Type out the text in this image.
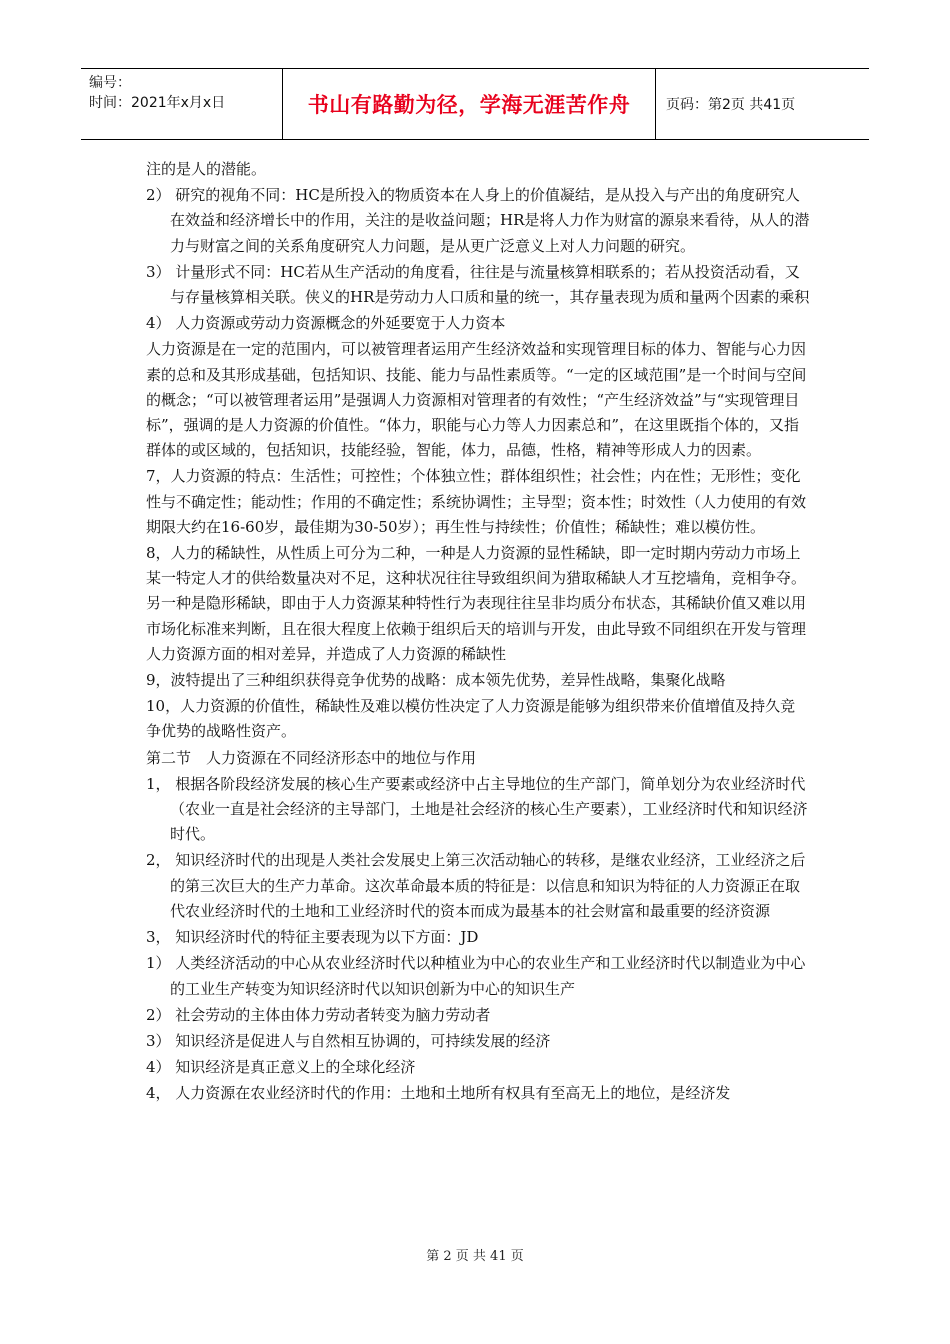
编号：
时间：2021年x月x日	书山有路勤为径，学海无涯苦作舟	页码：第2页 共41页

注的是人的潜能。

2） 研究的视角不同：HC是所投入的物质资本在人身上的价值凝结，是从投入与产出的角度研究人在效益和经济增长中的作用，关注的是收益问题；HR是将人力作为财富的源泉来看待，从人的潜力与财富之间的关系角度研究人力问题，是从更广泛意义上对人力问题的研究。

3） 计量形式不同：HC若从生产活动的角度看，往往是与流量核算相联系的；若从投资活动看，又与存量核算相关联。侠义的HR是劳动力人口质和量的统一，其存量表现为质和量两个因素的乘积

4） 人力资源或劳动力资源概念的外延要宽于人力资本

人力资源是在一定的范围内，可以被管理者运用产生经济效益和实现管理目标的体力、智能与心力因素的总和及其形成基础，包括知识、技能、能力与品性素质等。“一定的区域范围”是一个时间与空间的概念；“可以被管理者运用”是强调人力资源相对管理者的有效性；“产生经济效益”与“实现管理目标”，强调的是人力资源的价值性。“体力，职能与心力等人力因素总和”，在这里既指个体的，又指群体的或区域的，包括知识，技能经验，智能，体力，品德，性格，精神等形成人力的因素。

7，人力资源的特点：生活性；可控性；个体独立性；群体组织性；社会性；内在性；无形性；变化性与不确定性；能动性；作用的不确定性；系统协调性；主导型；资本性；时效性（人力使用的有效期限大约在16-60岁，最佳期为30-50岁）；再生性与持续性；价值性；稀缺性；难以模仿性。

8，人力的稀缺性，从性质上可分为二种，一种是人力资源的显性稀缺，即一定时期内劳动力市场上某一特定人才的供给数量决对不足，这种状况往往导致组织间为猎取稀缺人才互挖墙角，竞相争夺。另一种是隐形稀缺，即由于人力资源某种特性行为表现往往呈非均质分布状态，其稀缺价值又难以用市场化标准来判断，且在很大程度上依赖于组织后天的培训与开发，由此导致不同组织在开发与管理人力资源方面的相对差异，并造成了人力资源的稀缺性

9，波特提出了三种组织获得竞争优势的战略：成本领先优势，差异性战略，集聚化战略

10，人力资源的价值性，稀缺性及难以模仿性决定了人力资源是能够为组织带来价值增值及持久竞争优势的战略性资产。

第二节　人力资源在不同经济形态中的地位与作用

1， 根据各阶段经济发展的核心生产要素或经济中占主导地位的生产部门，简单划分为农业经济时代（农业一直是社会经济的主导部门，土地是社会经济的核心生产要素），工业经济时代和知识经济时代。

2， 知识经济时代的出现是人类社会发展史上第三次活动轴心的转移，是继农业经济，工业经济之后的第三次巨大的生产力革命。这次革命最本质的特征是：以信息和知识为特征的人力资源正在取代农业经济时代的土地和工业经济时代的资本而成为最基本的社会财富和最重要的经济资源

3， 知识经济时代的特征主要表现为以下方面：JD

1） 人类经济活动的中心从农业经济时代以种植业为中心的农业生产和工业经济时代以制造业为中心的工业生产转变为知识经济时代以知识创新为中心的知识生产

2） 社会劳动的主体由体力劳动者转变为脑力劳动者

3） 知识经济是促进人与自然相互协调的，可持续发展的经济

4） 知识经济是真正意义上的全球化经济

4， 人力资源在农业经济时代的作用：土地和土地所有权具有至高无上的地位，是经济发

第 2 页 共 41 页
